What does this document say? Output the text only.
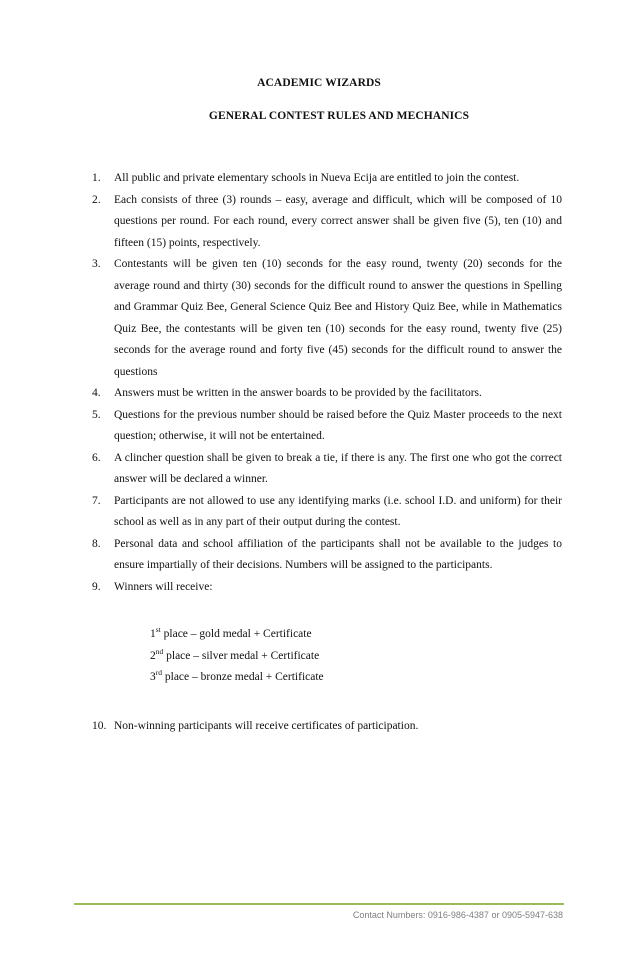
ACADEMIC WIZARDS
GENERAL CONTEST RULES AND MECHANICS
1. All public and private elementary schools in Nueva Ecija are entitled to join the contest.
2. Each consists of three (3) rounds – easy, average and difficult, which will be composed of 10 questions per round. For each round, every correct answer shall be given five (5), ten (10) and fifteen (15) points, respectively.
3. Contestants will be given ten (10) seconds for the easy round, twenty (20) seconds for the average round and thirty (30) seconds for the difficult round to answer the questions in Spelling and Grammar Quiz Bee, General Science Quiz Bee and History Quiz Bee, while in Mathematics Quiz Bee, the contestants will be given ten (10) seconds for the easy round, twenty five (25) seconds for the average round and forty five (45) seconds for the difficult round to answer the questions
4. Answers must be written in the answer boards to be provided by the facilitators.
5. Questions for the previous number should be raised before the Quiz Master proceeds to the next question; otherwise, it will not be entertained.
6. A clincher question shall be given to break a tie, if there is any. The first one who got the correct answer will be declared a winner.
7. Participants are not allowed to use any identifying marks (i.e. school I.D. and uniform) for their school as well as in any part of their output during the contest.
8. Personal data and school affiliation of the participants shall not be available to the judges to ensure impartially of their decisions. Numbers will be assigned to the participants.
9. Winners will receive:
1st place – gold medal + Certificate
2nd place – silver medal + Certificate
3rd place – bronze medal + Certificate
10. Non-winning participants will receive certificates of participation.
Contact Numbers: 0916-986-4387 or 0905-5947-638
